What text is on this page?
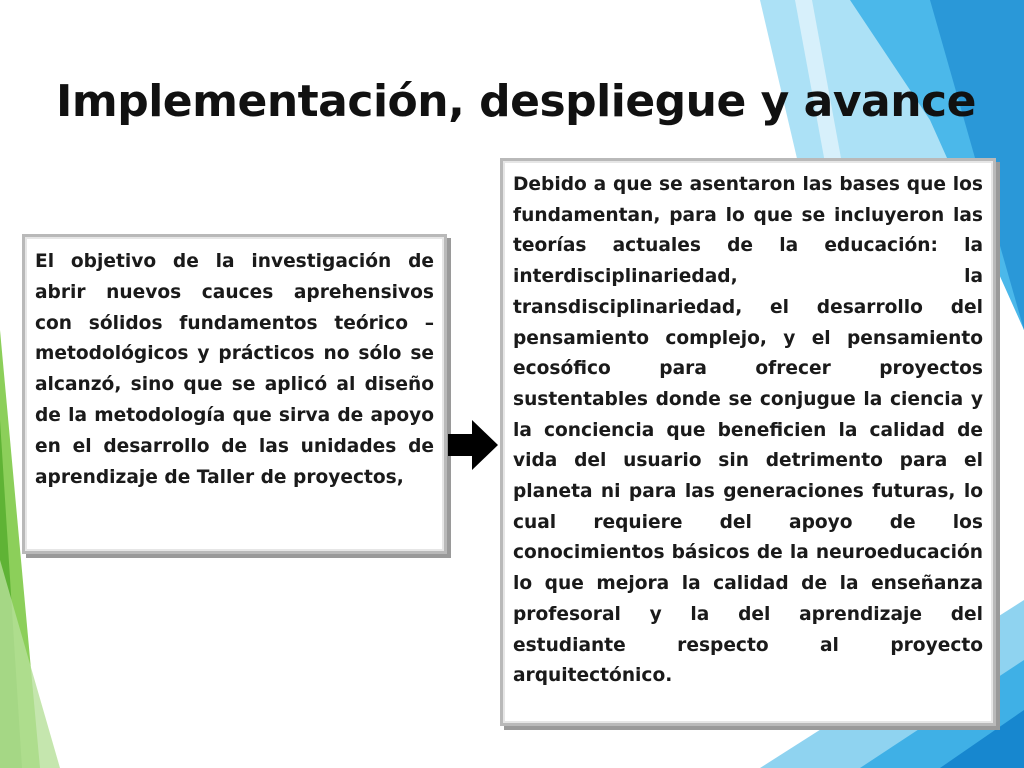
Implementación, despliegue y avance

El objetivo de la investigación de abrir nuevos cauces aprehensivos con sólidos fundamentos teórico – metodológicos y prácticos no sólo se alcanzó, sino que se aplicó al diseño de la metodología que sirva de apoyo en el desarrollo de las unidades de aprendizaje de Taller de proyectos,

Debido a que se asentaron las bases que los fundamentan, para lo que se incluyeron las teorías actuales de la educación: la interdisciplinariedad, la transdisciplinariedad, el desarrollo del pensamiento complejo, y el pensamiento ecosófico para ofrecer proyectos sustentables donde se conjugue la ciencia y la conciencia que beneficien la calidad de vida del usuario sin detrimento para el planeta ni para las generaciones futuras, lo cual requiere del apoyo de los conocimientos básicos de la neuroeducación lo que mejora la calidad de la enseñanza profesoral y la del aprendizaje del estudiante respecto al proyecto arquitectónico.
